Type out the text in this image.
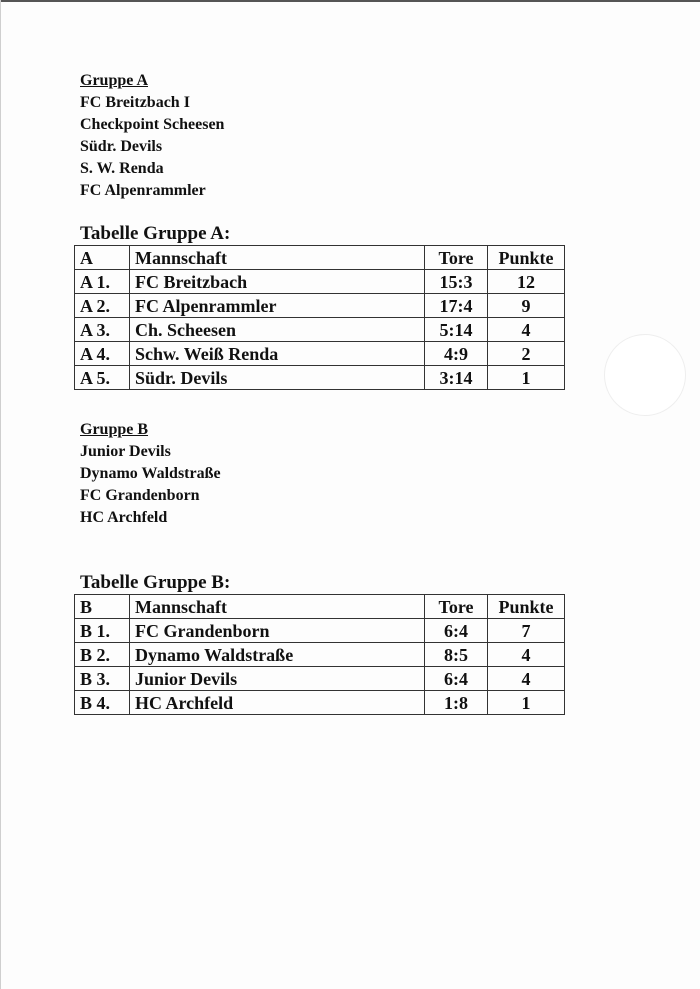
Gruppe A
FC Breitzbach I
Checkpoint Scheesen
Südr. Devils
S. W. Renda
FC Alpenrammler
Tabelle Gruppe A:
A	Mannschaft	Tore	Punkte
A 1.	FC Breitzbach	15:3	12
A 2.	FC Alpenrammler	17:4	9
A 3.	Ch. Scheesen	5:14	4
A 4.	Schw. Weiß Renda	4:9	2
A 5.	Südr. Devils	3:14	1
Gruppe B
Junior Devils
Dynamo Waldstraße
FC Grandenborn
HC Archfeld
Tabelle Gruppe B:
B	Mannschaft	Tore	Punkte
B 1.	FC Grandenborn	6:4	7
B 2.	Dynamo Waldstraße	8:5	4
B 3.	Junior Devils	6:4	4
B 4.	HC Archfeld	1:8	1
